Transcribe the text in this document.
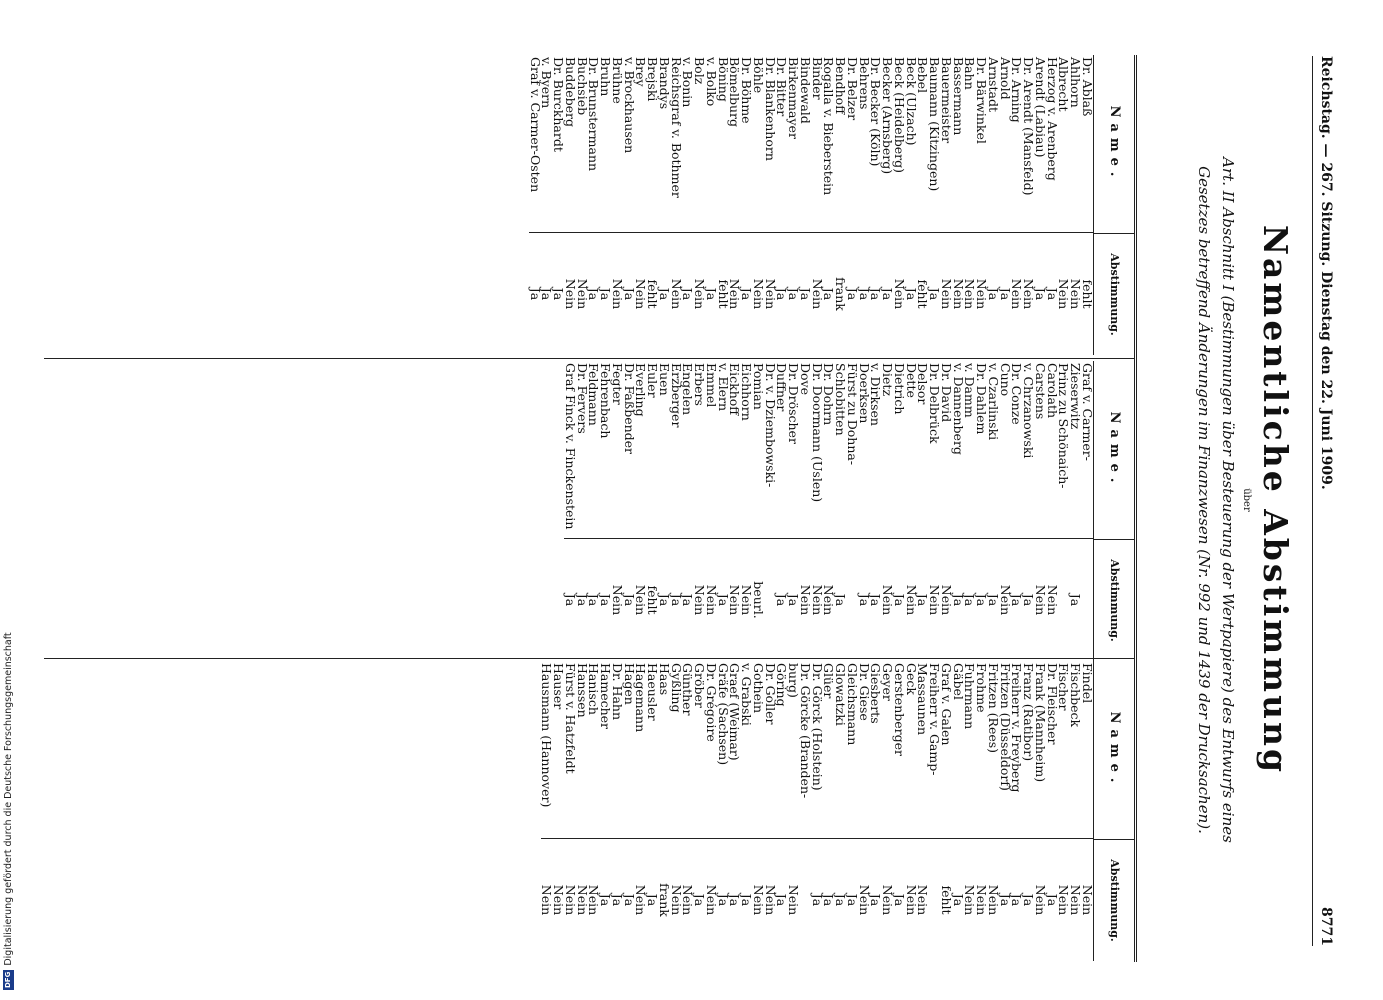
Reichstag. — 267. Sitzung. Dienstag den 22. Juni 1909.
8771
Namentliche Abstimmung
über
Art. II Abschnitt I (Bestimmungen über Besteuerung der Wertpapiere) des Entwurfs eines
Gesetzes betreffend Änderungen im Finanzwesen (Nr. 992 und 1439 der Drucksachen).
Name.
Abstimmung.
Dr. Ablaß
fehlt
Ahlhorn
Nein
Albrecht
Nein
Herzog v. Arenberg
Ja
Arendt (Labiau)
Ja
Dr. Arendt (Mansfeld)
Nein
Dr. Arning
Nein
Arnold
Ja
Arnstadt
Ja
Dr. Bärwinkel
Nein
Bahn
Nein
Bassermann
Nein
Bauermeister
Nein
Baumann (Kitzingen)
Ja
Bebel
fehlt
Beck (Ulzach)
Ja
Beck (Heidelberg)
Nein
Becker (Arnsberg)
Ja
Dr. Becker (Köln)
Ja
Behrens
Ja
Dr. Belzer
Ja
Bendhoff
frank
Rogalla v. Bieberstein
Ja
Binder
Nein
Bindewald
Ja
Birkenmayer
Ja
Dr. Bitter
Ja
Dr. Blankenhorn
Nein
Böhle
Nein
Dr. Böhme
Ja
Bömelburg
Nein
Böning
fehlt
v. Bolko
Ja
Bolz
Nein
v. Bonin
Ja
Reichsgraf v. Bothmer
Nein
Brandys
Ja
Brejski
fehlt
Brey
Nein
v. Brockhausen
Ja
Brühne
Nein
Bruhn
Ja
Dr. Brunstermann
Ja
Buchsieb
Nein
Buddeberg
Nein
Dr. Burckhardt
Ja
v. Byern
Ja
Graf v. Carmer-Osten
Ja
Name.
Abstimmung.
Graf v. Carmer-
Zieserwitz
Ja
Prinz zu Schönaich-
Carolath
Nein
Carstens
Nein
v. Chrzanowski
Ja
Dr. Conze
Ja
Cuno
Nein
v. Czarlinski
Ja
Dr. Dahlem
Ja
v. Damm
Ja
v. Dannenberg
Ja
Dr. David
Nein
Dr. Delbrück
Nein
Delsor
Ja
Dette
Nein
Dietrich
Ja
Dietz
Nein
v. Dirksen
Ja
Doerksen
Ja
Fürst zu Dohna-
Schlobitten
Ja
Dr. Dohrn
Nein
Dr. Doormann (Uslen)
Nein
Dove
Nein
Dr. Dröscher
Ja
Duffner
Ja
Dr. v. Dziembowski-
Pomian
beurl.
Eichhorn
Nein
Eickhoff
Nein
v. Elern
Ja
Emmel
Nein
Erbers
Nein
Engelen
Ja
Erzberger
Ja
Euen
Ja
Euler
fehlt
Everling
Nein
Dr. Faßbender
Ja
Fegter
Nein
Fehrenbach
Ja
Feldmann
Ja
Dr. Fervers
Ja
Graf Finck v. Finckenstein
Ja
Name.
Abstimmung.
Findel
Nein
Fischbeck
Nein
Fischer
Nein
Dr. Fleischer
Ja
Frank (Mannheim)
Nein
Franz (Ratibor)
Ja
Freiherr v. Freyberg
Ja
Fritzen (Düsseldorf)
Ja
Fritzen (Rees)
Nein
Frohme
Nein
Fuhrmann
Nein
Gäbel
Ja
Graf v. Galen
fehlt
Freiherr v. Gamp-
Massaunen
Nein
Geck
Nein
Gerstenberger
Ja
Geyer
Nein
Giesberts
Ja
Dr. Giese
Nein
Gleichsmann
Ja
Glowatzki
Ja
Glüer
Ja
Dr. Görck (Holstein)
Ja
Dr. Görcke (Branden-
burg)
Nein
Göring
Ja
Dr. Goller
Nein
Gothein
Nein
v. Grabski
Ja
Graef (Weimar)
Ja
Gräfe (Sachsen)
Ja
Dr. Grégoire
Nein
Gröber
Ja
Günther
Nein
Gyßling
Nein
Haas
frank
Haeusler
Ja
Hagemann
Nein
Hagen
Ja
Dr. Hahn
Ja
Hamecher
Ja
Hanisch
Nein
Hanssen
Nein
Fürst v. Hatzfeldt
Nein
Hauser
Nein
Hausmann (Hannover)
Nein
DFG
Digitalisierung gefördert durch die Deutsche Forschungsgemeinschaft
